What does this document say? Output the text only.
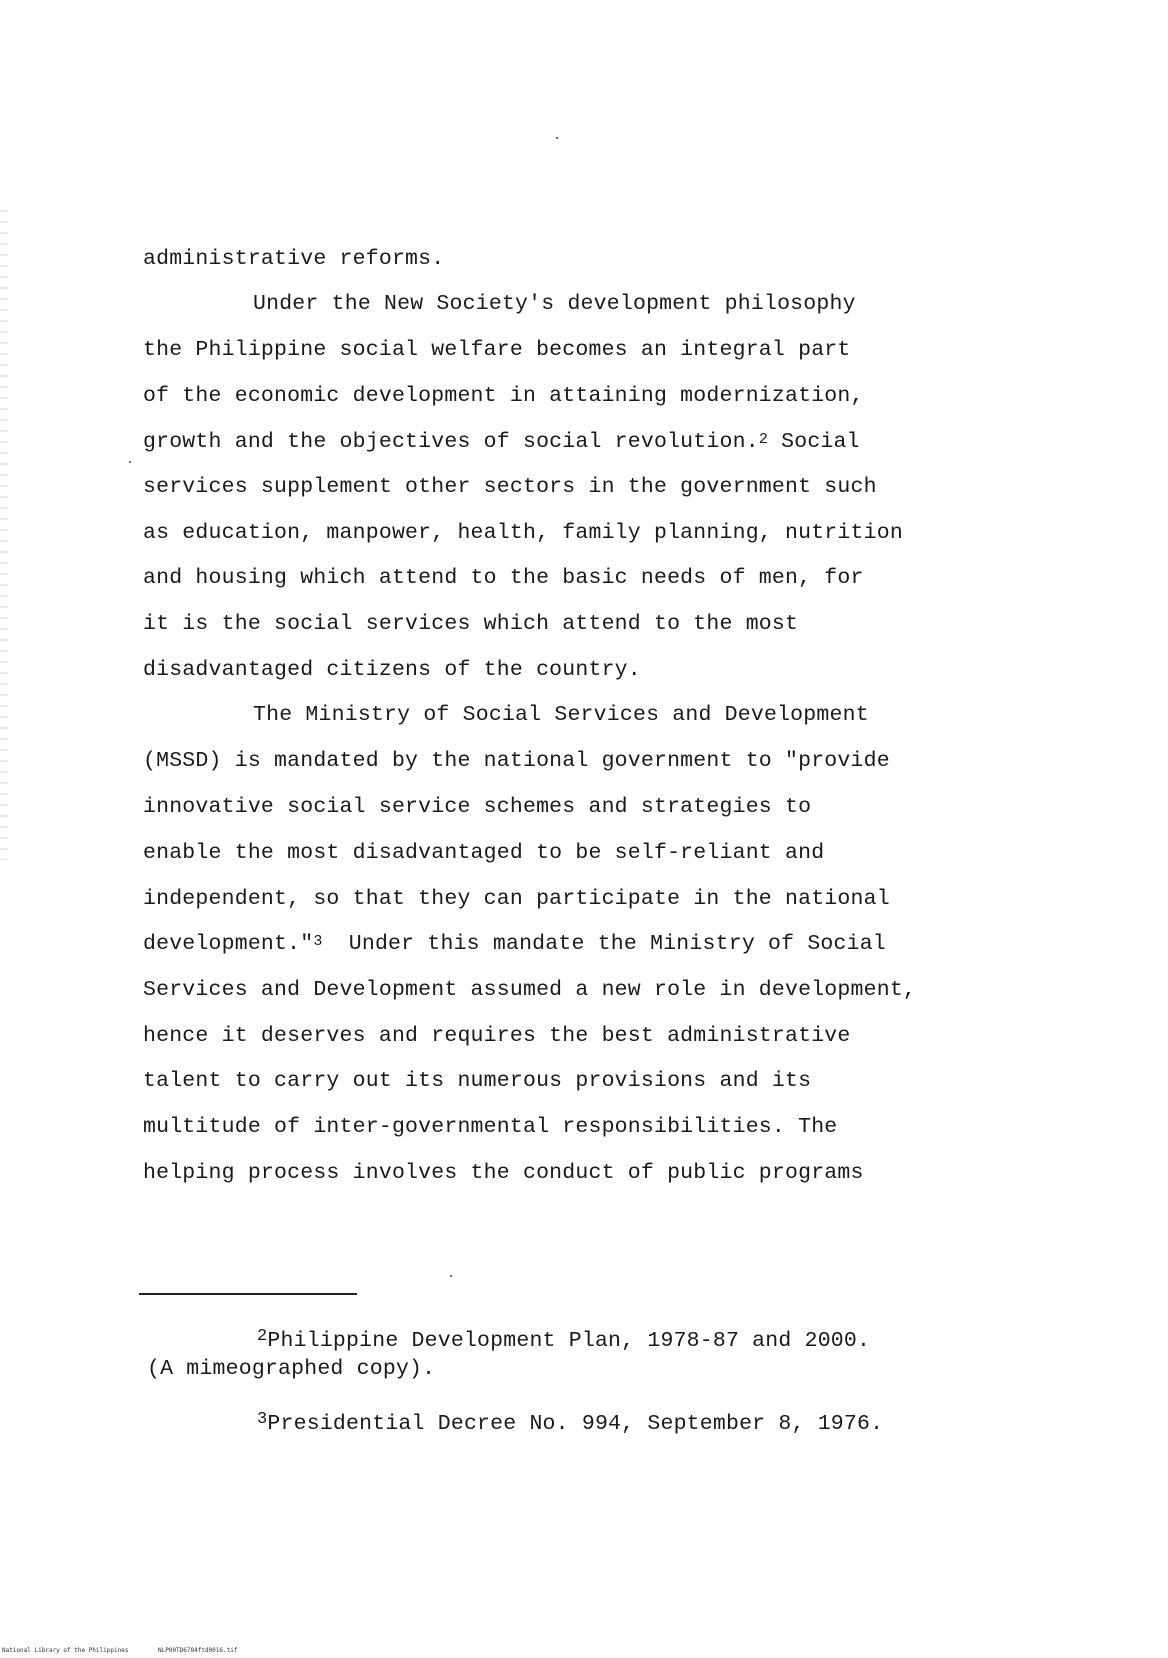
administrative reforms.
Under the New Society's development philosophy
the Philippine social welfare becomes an integral part
of the economic development in attaining modernization,
growth and the objectives of social revolution.$^2$ Social
services supplement other sectors in the government such
as education, manpower, health, family planning, nutrition
and housing which attend to the basic needs of men, for
it is the social services which attend to the most
disadvantaged citizens of the country.
The Ministry of Social Services and Development
(MSSD) is mandated by the national government to "provide
innovative social service schemes and strategies to
enable the most disadvantaged to be self-reliant and
independent, so that they can participate in the national
development."$^3$ Under this mandate the Ministry of Social
Services and Development assumed a new role in development,
hence it deserves and requires the best administrative
talent to carry out its numerous provisions and its
multitude of inter-governmental responsibilities. The
helping process involves the conduct of public programs
$^2$Philippine Development Plan, 1978-87 and 2000.
(A mimeographed copy).
$^3$Presidential Decree No. 994, September 8, 1976.
National Library of the Philippines	NLP00TD6784ftd0016.tif
